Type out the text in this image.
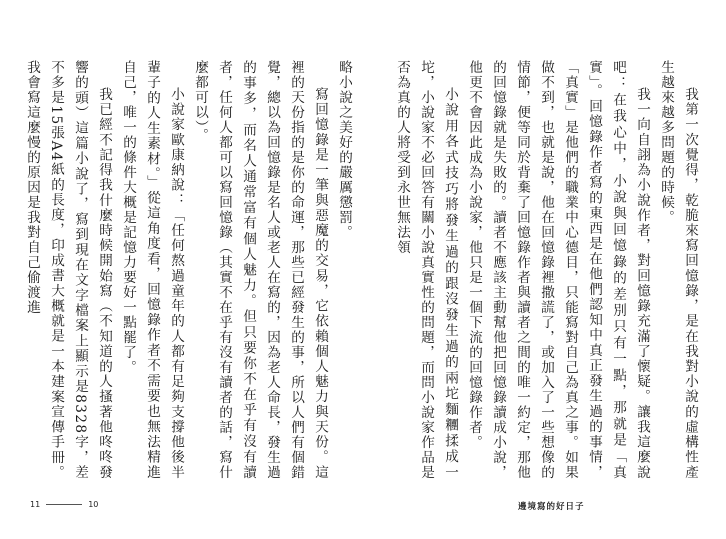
我第一次覺得，乾脆來寫回憶錄，是在我對小說的虛構性產生越來越多問題的時候。

我一向自詡為小說作者，對回憶錄充滿了懷疑。讓我這麼說吧：在我心中，小說與回憶錄的差別只有一點，那就是「真實」。回憶錄作者寫的東西是在他們認知中真正發生過的事情，「真實」是他們的職業中心德目，只能寫對自己為真之事。如果做不到，也就是說，他在回憶錄裡撒謊了，或加入了一些想像的情節，便等同於背棄了回憶錄作者與讀者之間的唯一約定，那他的回憶錄就是失敗的。讀者不應該主動幫他把回憶錄讀成小說，他更不會因此成為小說家，他只是一個下流的回憶錄作者。

小說用各式技巧將發生過的跟沒發生過的兩坨麵糰揉成一坨，小說家不必回答有關小說真實性的問題，而問小說家作品是否為真的人將受到永世無法領

略小說之美好的嚴厲懲罰。

寫回憶錄是一筆與惡魔的交易，它依賴個人魅力與天份。這裡的天份指的是你的命運，那些已經發生的事，所以人們有個錯覺，總以為回憶錄是名人或老人在寫的，因為老人命長，發生過的事多，而名人通常富有個人魅力。但只要你不在乎有沒有讀者，任何人都可以寫回憶錄（其實不在乎有沒有讀者的話，寫什麼都可以）。

小說家歐康納說：「任何熬過童年的人都有足夠支撐他後半輩子的人生素材。」從這角度看，回憶錄作者不需要也無法精進自己，唯一的條件大概是記憶力要好一點罷了。

我已經不記得我什麼時候開始寫（不知道的人搔著他咚咚發響的頭）這篇小說了，寫到現在文字檔案上顯示是8328字，差不多是15張A4紙的長度，印成書大概就是一本建案宣傳手冊。我會寫這麼慢的原因是我對自己偷渡進

11	10	邊境寫的好日子
